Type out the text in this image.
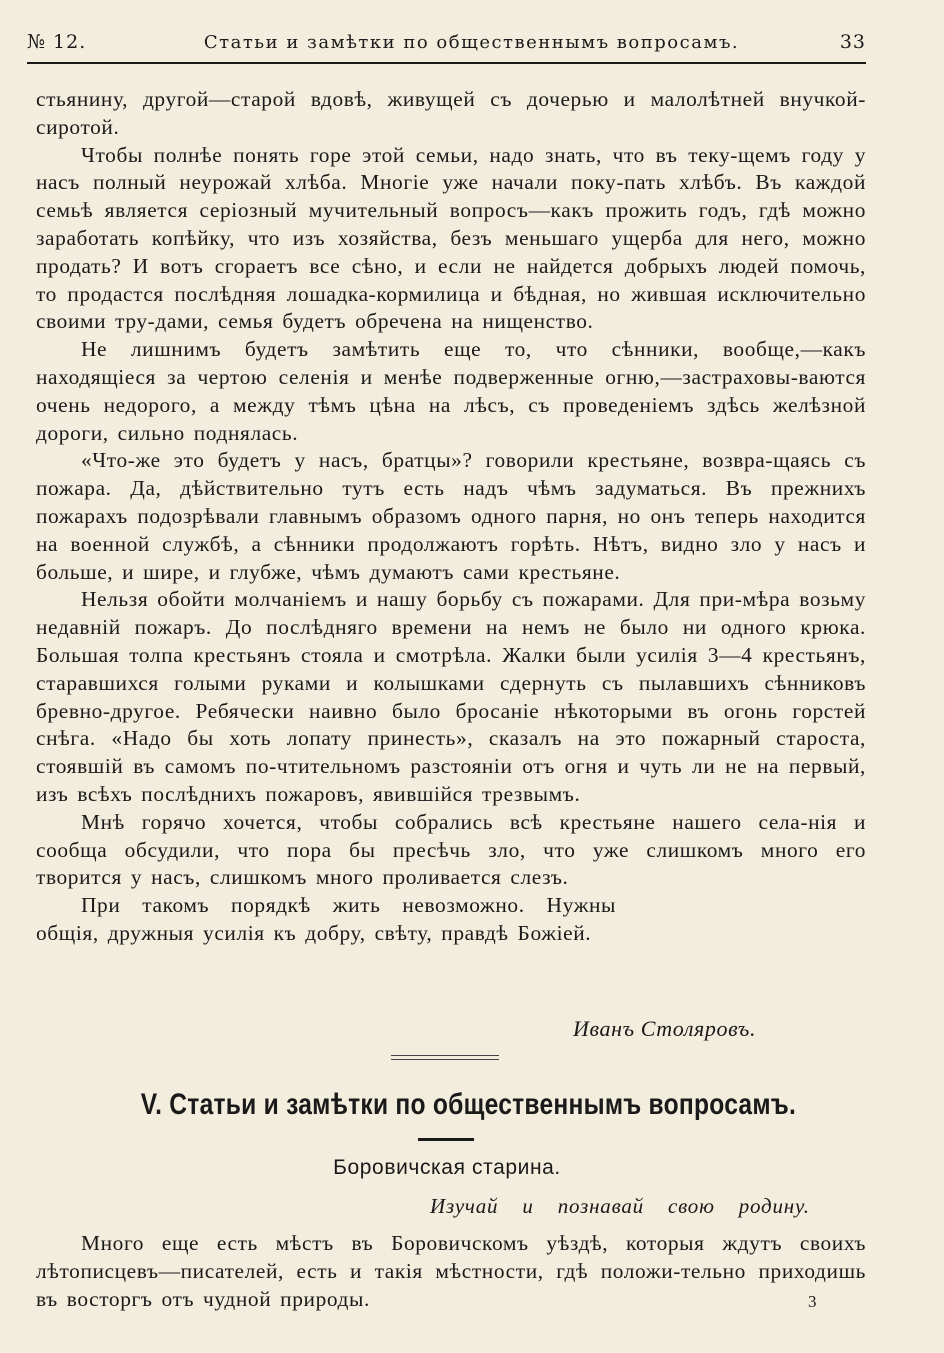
№ 12.	Статьи и замѣтки по общественнымъ вопросамъ.	33

стьянину, другой—старой вдовѣ, живущей съ дочерью и малолѣтней внучкой-сиротой.

Чтобы полнѣе понять горе этой семьи, надо знать, что въ теку-щемъ году у насъ полный неурожай хлѣба. Многіе уже начали поку-пать хлѣбъ. Въ каждой семьѣ является серіозный мучительный вопросъ—какъ прожить годъ, гдѣ можно заработать копѣйку, что изъ хозяйства, безъ меньшаго ущерба для него, можно продать? И вотъ сгораетъ все сѣно, и если не найдется добрыхъ людей помочь, то продастся послѣдняя лошадка-кормилица и бѣдная, но жившая исключительно своими тру-дами, семья будетъ обречена на нищенство.

Не лишнимъ будетъ замѣтить еще то, что сѣнники, вообще,—какъ находящіеся за чертою селенія и менѣе подверженные огню,—застраховы-ваются очень недорого, а между тѣмъ цѣна на лѣсъ, съ проведеніемъ здѣсь желѣзной дороги, сильно поднялась.

«Что-же это будетъ у насъ, братцы»? говорили крестьяне, возвра-щаясь съ пожара. Да, дѣйствительно тутъ есть надъ чѣмъ задуматься. Въ прежнихъ пожарахъ подозрѣвали главнымъ образомъ одного парня, но онъ теперь находится на военной службѣ, а сѣнники продолжаютъ горѣть. Нѣтъ, видно зло у насъ и больше, и шире, и глубже, чѣмъ думаютъ сами крестьяне.

Нельзя обойти молчаніемъ и нашу борьбу съ пожарами. Для при-мѣра возьму недавній пожаръ. До послѣдняго времени на немъ не было ни одного крюка. Большая толпа крестьянъ стояла и смотрѣла. Жалки были усилія 3—4 крестьянъ, старавшихся голыми руками и колышками сдернуть съ пылавшихъ сѣнниковъ бревно-другое. Ребячески наивно было бросаніе нѣкоторыми въ огонь горстей снѣга. «Надо бы хоть лопату принесть», сказалъ на это пожарный староста, стоявшій въ самомъ по-чтительномъ разстояніи отъ огня и чуть ли не на первый, изъ всѣхъ послѣднихъ пожаровъ, явившійся трезвымъ.

Мнѣ горячо хочется, чтобы собрались всѣ крестьяне нашего села-нія и сообща обсудили, что пора бы пресѣчь зло, что уже слишкомъ много его творится у насъ, слишкомъ много проливается слезъ.

При такомъ порядкѣ жить невозможно. Нужны общія, дружныя усилія къ добру, свѣту, правдѣ Божіей.

Иванъ Столяровъ.
V. Статьи и замѣтки по общественнымъ вопросамъ.
Боровичская старина.
Изучай и познавай свою родину.

Много еще есть мѣстъ въ Боровичскомъ уѣздѣ, которыя ждутъ своихъ лѣтописцевъ—писателей, есть и такія мѣстности, гдѣ положи-тельно приходишь въ восторгъ отъ чудной природы.	3
